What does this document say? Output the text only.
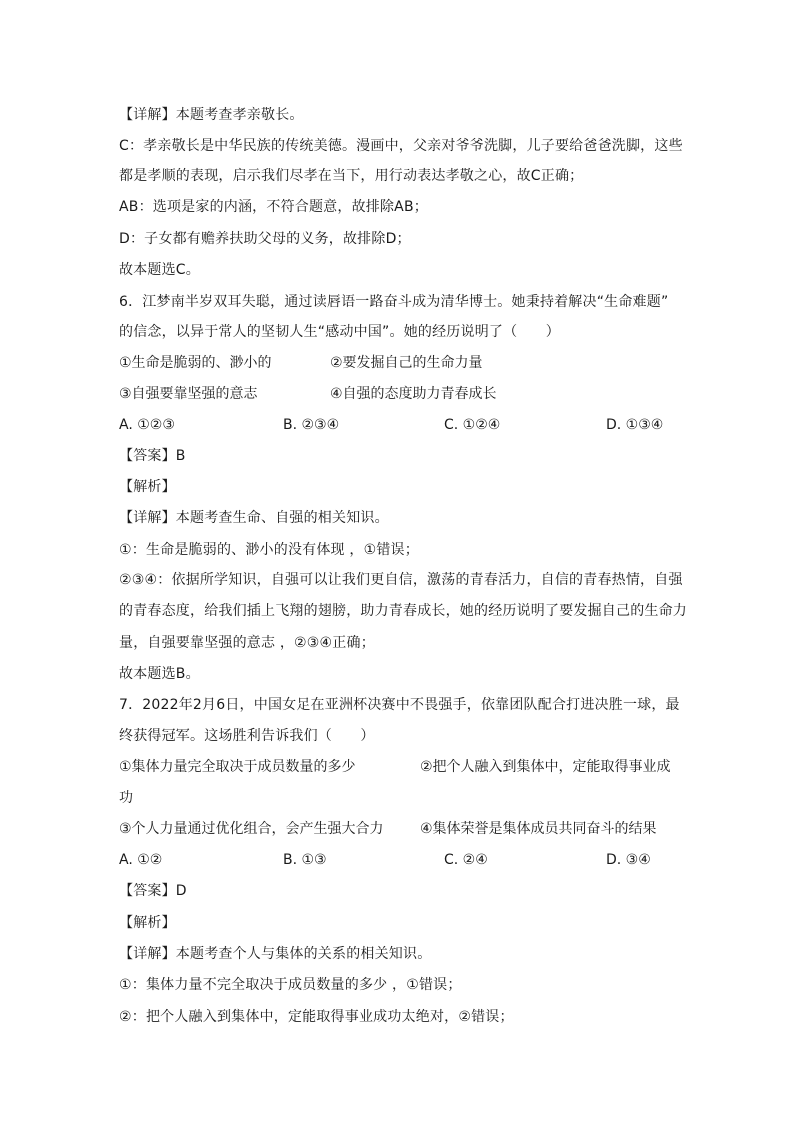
【详解】本题考查孝亲敬长。
C：孝亲敬长是中华民族的传统美德。漫画中，父亲对爷爷洗脚，儿子要给爸爸洗脚，这些
都是孝顺的表现，启示我们尽孝在当下，用行动表达孝敬之心，故C正确；
AB：选项是家的内涵，不符合题意，故排除AB；
D：子女都有赡养扶助父母的义务，故排除D；
故本题选C。
6．江梦南半岁双耳失聪，通过读唇语一路奋斗成为清华博士。她秉持着解决“生命难题”
的信念，以异于常人的坚韧人生“感动中国”。她的经历说明了（　　）
①生命是脆弱的、渺小的	②要发掘自己的生命力量
③自强要靠坚强的意志	④自强的态度助力青春成长
A. ①②③	B. ②③④	C. ①②④	D. ①③④
【答案】B
【解析】
【详解】本题考查生命、自强的相关知识。
①：生命是脆弱的、渺小的没有体现 ，①错误；
②③④：依据所学知识，自强可以让我们更自信，激荡的青春活力，自信的青春热情，自强
的青春态度，给我们插上飞翔的翅膀，助力青春成长，她的经历说明了要发掘自己的生命力
量，自强要靠坚强的意志 ，②③④正确；
故本题选B。
7．2022年2月6日，中国女足在亚洲杯决赛中不畏强手，依靠团队配合打进决胜一球，最
终获得冠军。这场胜利告诉我们（　　）
①集体力量完全取决于成员数量的多少	②把个人融入到集体中，定能取得事业成
功
③个人力量通过优化组合，会产生强大合力	④集体荣誉是集体成员共同奋斗的结果
A. ①②	B. ①③	C. ②④	D. ③④
【答案】D
【解析】
【详解】本题考查个人与集体的关系的相关知识。
①：集体力量不完全取决于成员数量的多少 ，①错误；
②：把个人融入到集体中，定能取得事业成功太绝对，②错误；
